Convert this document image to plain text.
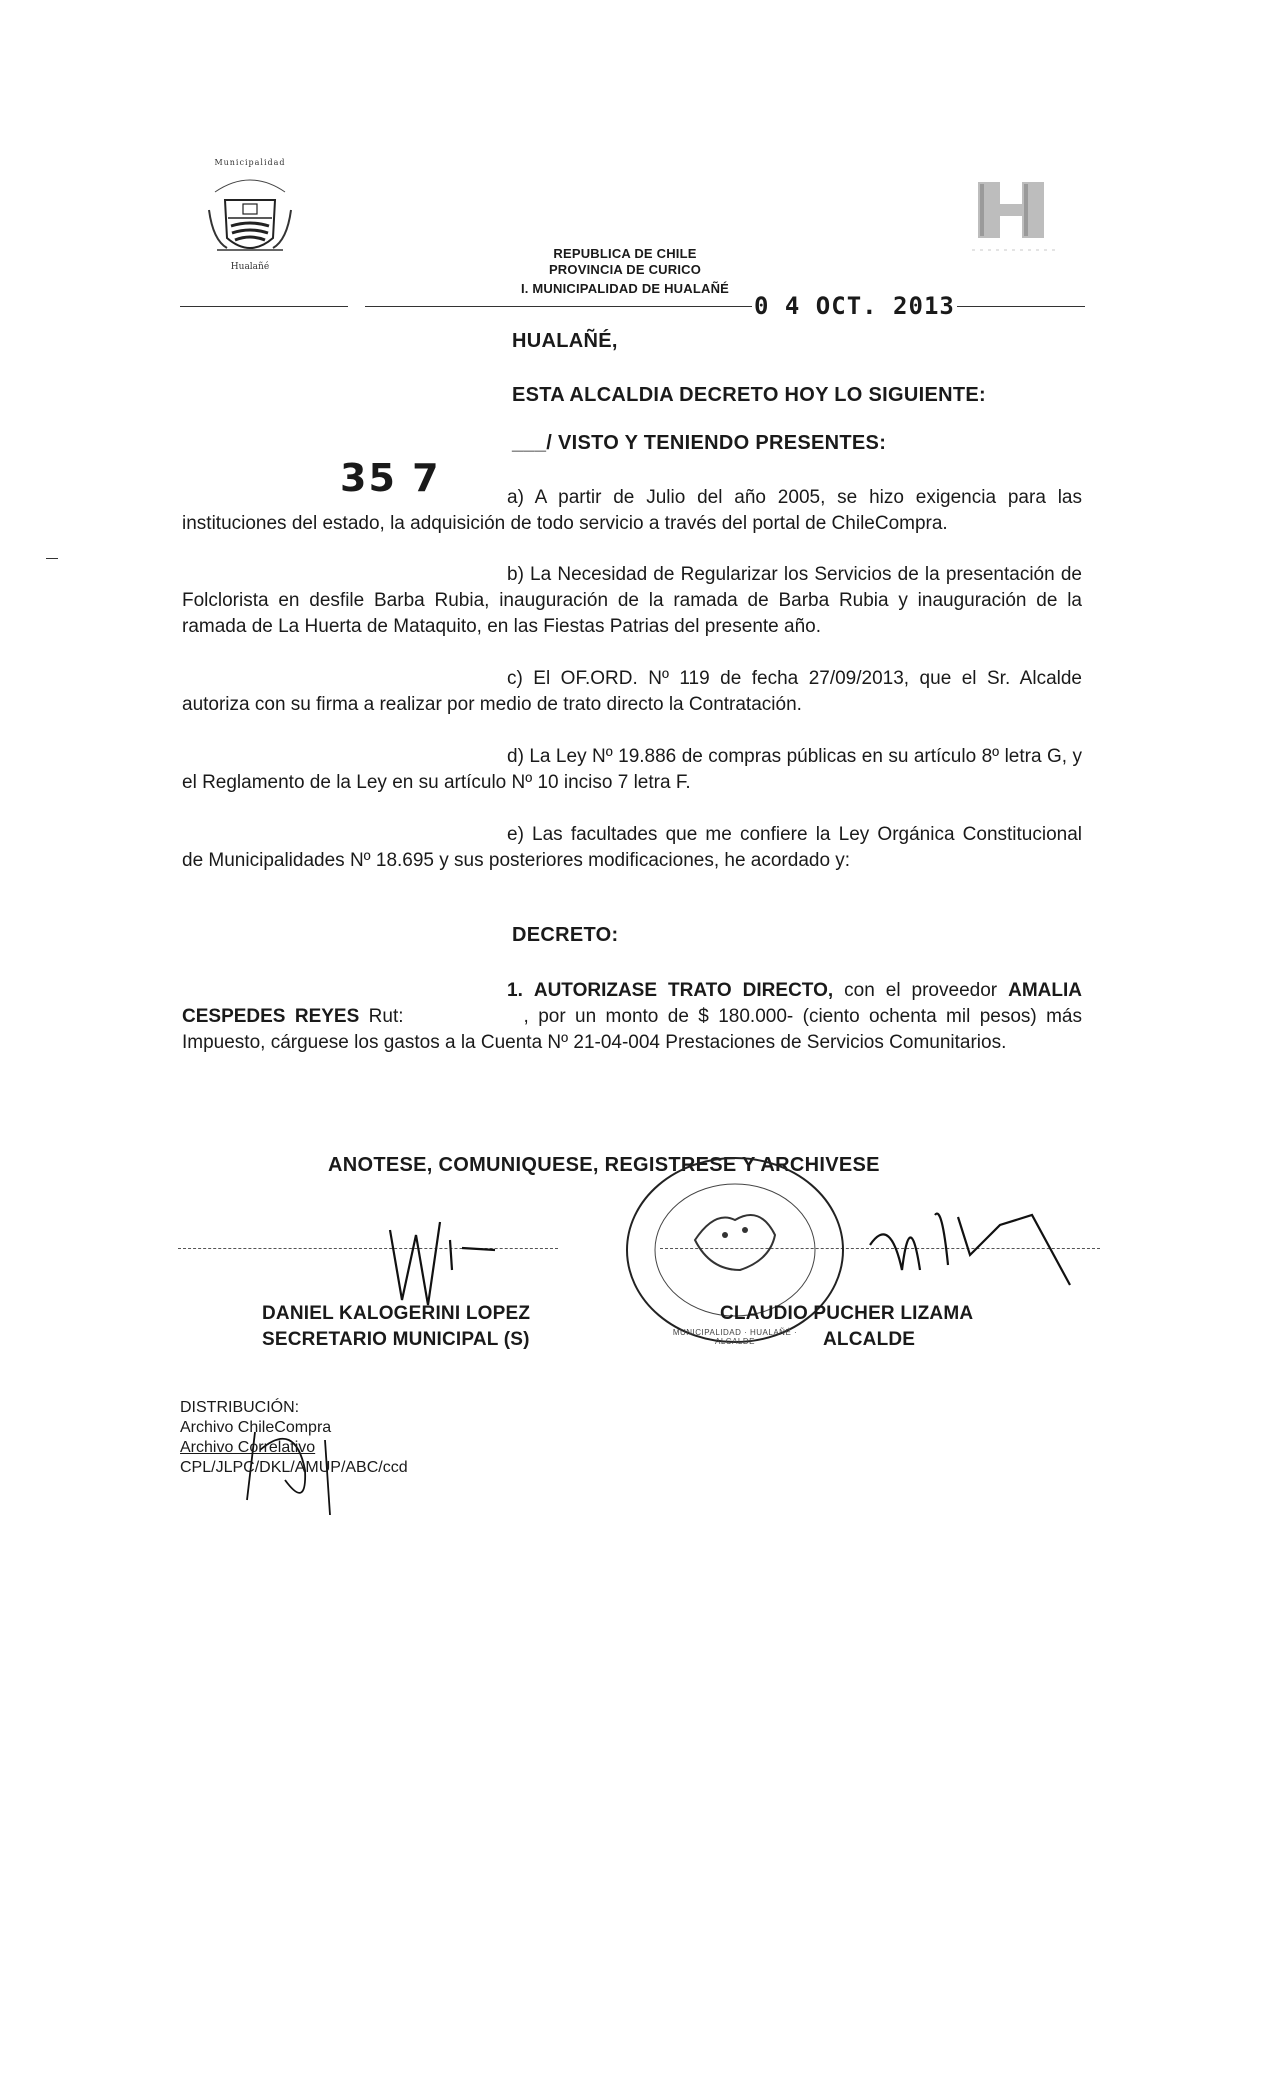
Municipalidad
Hualañé
REPUBLICA DE CHILE
PROVINCIA DE CURICO
I. MUNICIPALIDAD DE HUALAÑÉ
0 4 OCT. 2013
HUALAÑÉ,
ESTA ALCALDIA DECRETO HOY LO SIGUIENTE:
___/ VISTO Y TENIENDO PRESENTES:
35 7	a) A partir de Julio del año 2005, se hizo exigencia para las instituciones del estado, la adquisición de todo servicio a través del portal de ChileCompra.
b) La Necesidad de Regularizar los Servicios de la presentación de Folclorista en desfile Barba Rubia, inauguración de la ramada de Barba Rubia y inauguración de la ramada de La Huerta de Mataquito, en las Fiestas Patrias del presente año.
c) El OF.ORD. Nº 119 de fecha 27/09/2013, que el Sr. Alcalde autoriza con su firma a realizar por medio de trato directo la Contratación.
d) La Ley Nº 19.886 de compras públicas en su artículo 8º letra G, y el Reglamento de la Ley en su artículo Nº 10 inciso 7 letra F.
e) Las facultades que me confiere la Ley Orgánica Constitucional de Municipalidades Nº 18.695 y sus posteriores modificaciones, he acordado y:
DECRETO:
1. AUTORIZASE TRATO DIRECTO, con el proveedor AMALIA CESPEDES REYES Rut:	, por un monto de $ 180.000- (ciento ochenta mil pesos) más Impuesto, cárguese los gastos a la Cuenta Nº 21-04-004 Prestaciones de Servicios Comunitarios.
ANOTESE, COMUNIQUESE, REGISTRESE Y ARCHIVESE
MUNICIPALIDAD · HUALAÑÉ · ALCALDE
DANIEL KALOGERINI LOPEZ
SECRETARIO MUNICIPAL (S)
CLAUDIO PUCHER LIZAMA
ALCALDE
DISTRIBUCIÓN:
Archivo ChileCompra
Archivo Correlativo
CPL/JLPC/DKL/AMUP/ABC/ccd
